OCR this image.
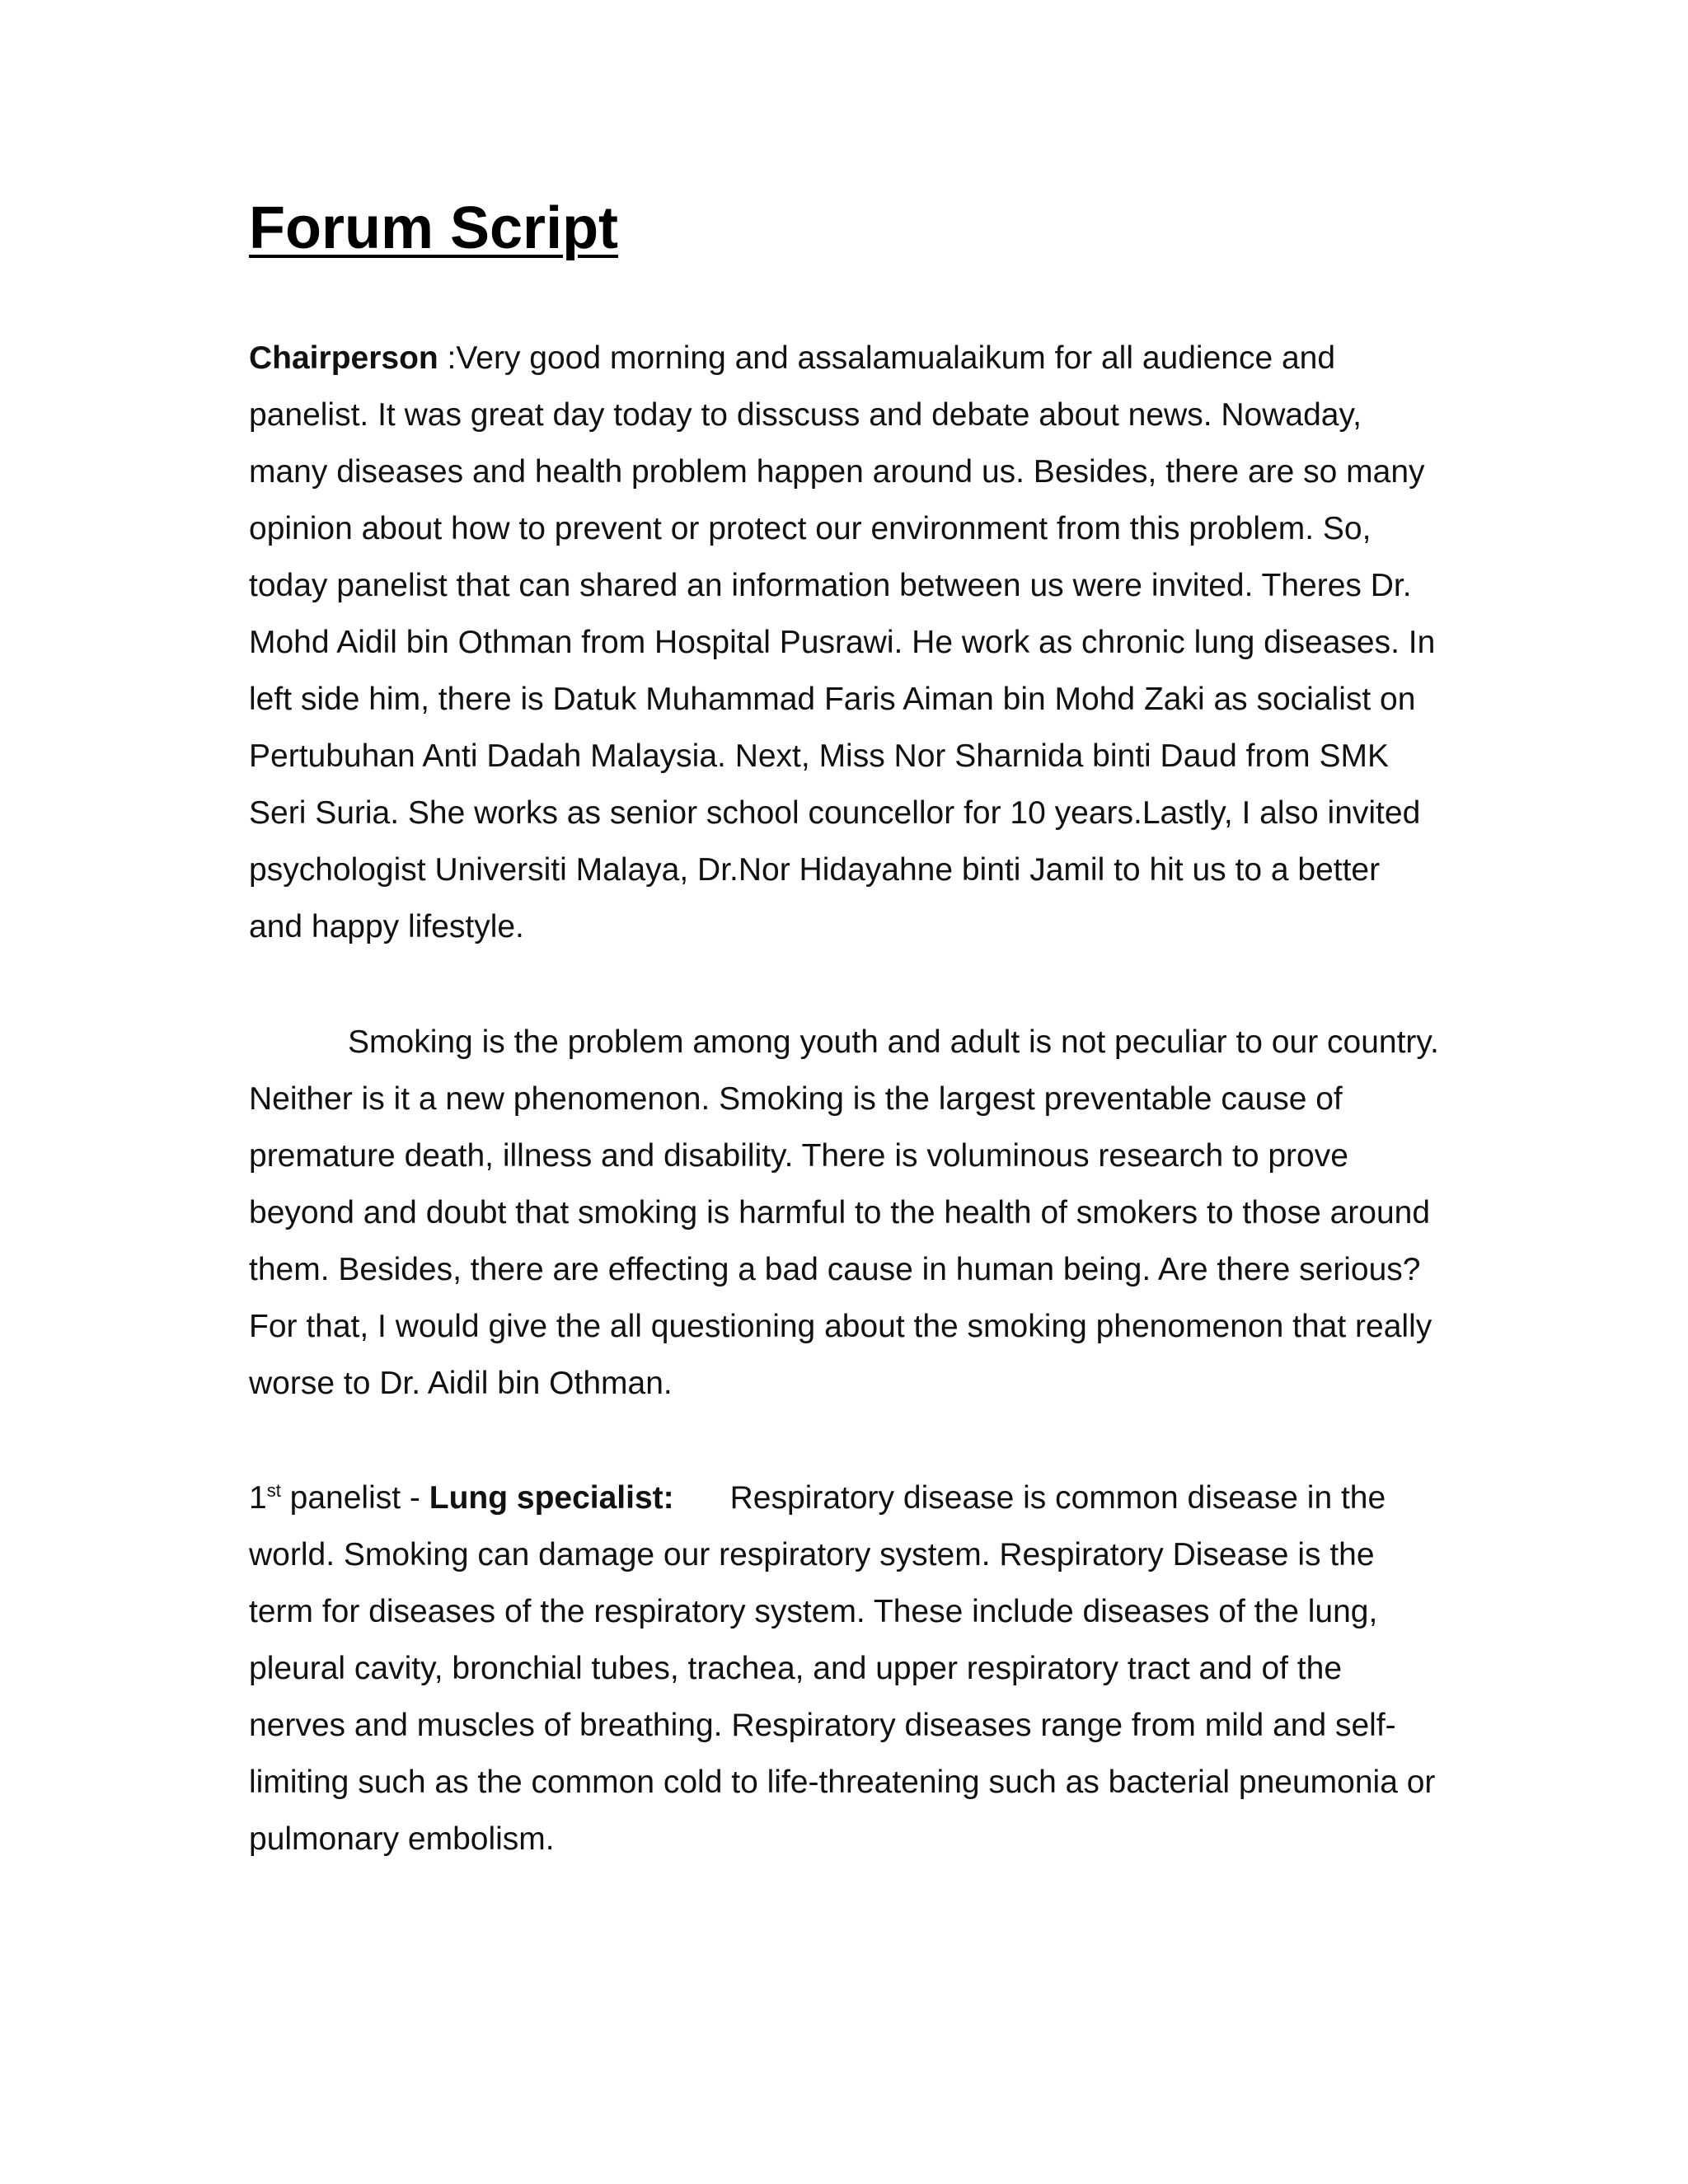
Forum Script

Chairperson :Very good morning and assalamualaikum for all audience and panelist. It was great day today to disscuss and debate about news. Nowaday, many diseases and health problem happen around us. Besides, there are so many opinion about how to prevent or protect our environment from this problem. So, today panelist that can shared an information between us were invited. Theres Dr. Mohd Aidil bin Othman from Hospital Pusrawi. He work as chronic lung diseases. In left side him, there is Datuk Muhammad Faris Aiman bin Mohd Zaki as socialist on Pertubuhan Anti Dadah Malaysia. Next, Miss Nor Sharnida binti Daud from SMK Seri Suria. She works as senior school councellor for 10 years.Lastly, I also invited psychologist Universiti Malaya, Dr.Nor Hidayahne binti Jamil to hit us to a better and happy lifestyle.

Smoking is the problem among youth and adult is not peculiar to our country. Neither is it a new phenomenon. Smoking is the largest preventable cause of premature death, illness and disability. There is voluminous research to prove beyond and doubt that smoking is harmful to the health of smokers to those around them. Besides, there are effecting a bad cause in human being. Are there serious? For that, I would give the all questioning about the smoking phenomenon that really worse to Dr. Aidil bin Othman.

1st panelist - Lung specialist: Respiratory disease is common disease in the world. Smoking can damage our respiratory system. Respiratory Disease is the term for diseases of the respiratory system. These include diseases of the lung, pleural cavity, bronchial tubes, trachea, and upper respiratory tract and of the nerves and muscles of breathing. Respiratory diseases range from mild and self-limiting such as the common cold to life-threatening such as bacterial pneumonia or pulmonary embolism.
